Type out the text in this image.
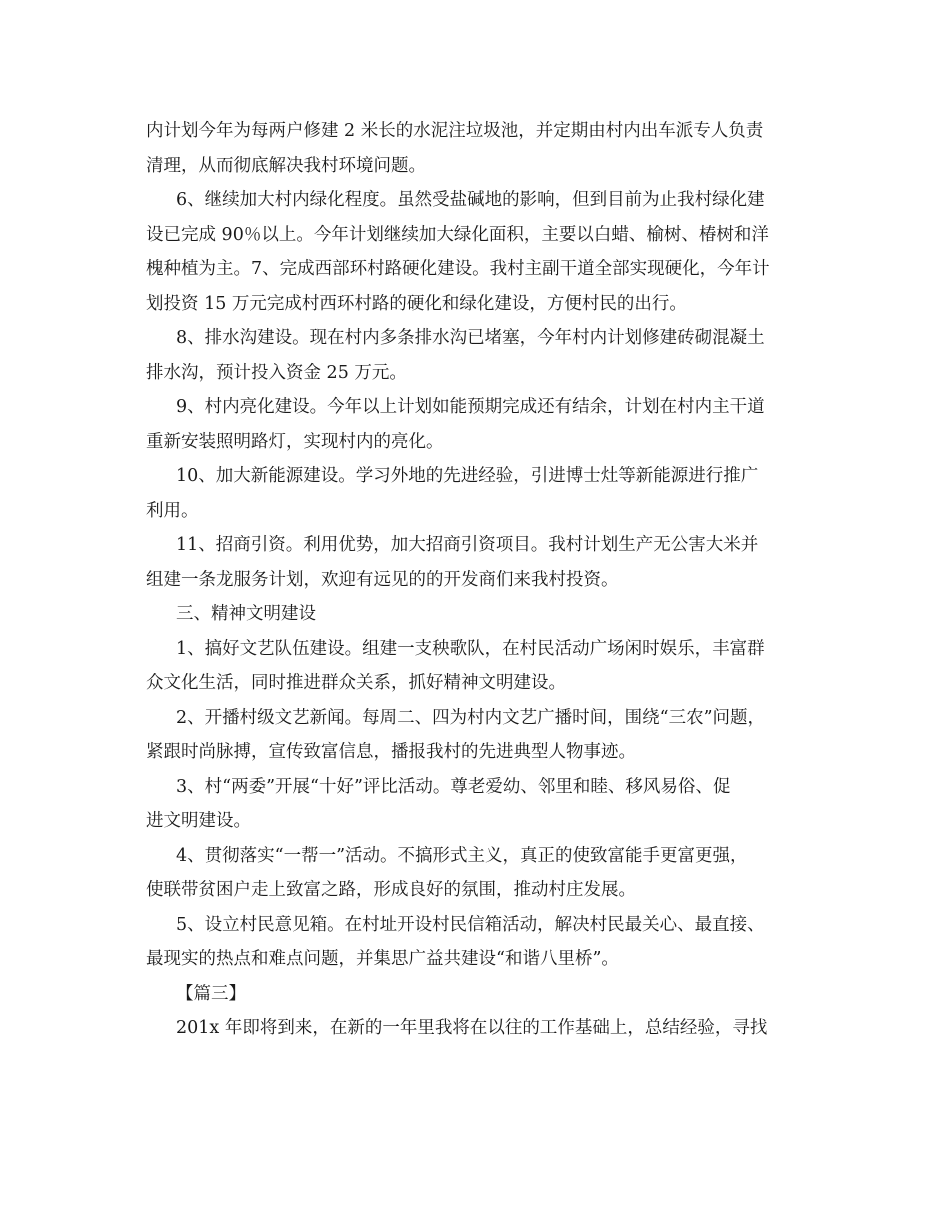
内计划今年为每两户修建 2 米长的水泥注垃圾池，并定期由村内出车派专人负责
清理，从而彻底解决我村环境问题。

6、继续加大村内绿化程度。虽然受盐碱地的影响，但到目前为止我村绿化建
设已完成 90％以上。今年计划继续加大绿化面积，主要以白蜡、榆树、椿树和洋
槐种植为主。7、完成西部环村路硬化建设。我村主副干道全部实现硬化，今年计
划投资 15 万元完成村西环村路的硬化和绿化建设，方便村民的出行。

8、排水沟建设。现在村内多条排水沟已堵塞，今年村内计划修建砖砌混凝土
排水沟，预计投入资金 25 万元。

9、村内亮化建设。今年以上计划如能预期完成还有结余，计划在村内主干道
重新安装照明路灯，实现村内的亮化。

10、加大新能源建设。学习外地的先进经验，引进博士灶等新能源进行推广
利用。

11、招商引资。利用优势，加大招商引资项目。我村计划生产无公害大米并
组建一条龙服务计划，欢迎有远见的的开发商们来我村投资。

三、精神文明建设

1、搞好文艺队伍建设。组建一支秧歌队，在村民活动广场闲时娱乐，丰富群
众文化生活，同时推进群众关系，抓好精神文明建设。

2、开播村级文艺新闻。每周二、四为村内文艺广播时间，围绕“三农”问题，
紧跟时尚脉搏，宣传致富信息，播报我村的先进典型人物事迹。

3、村“两委”开展“十好”评比活动。尊老爱幼、邻里和睦、移风易俗、促
进文明建设。

4、贯彻落实“一帮一”活动。不搞形式主义，真正的使致富能手更富更强，
使联带贫困户走上致富之路，形成良好的氛围，推动村庄发展。

5、设立村民意见箱。在村址开设村民信箱活动，解决村民最关心、最直接、
最现实的热点和难点问题，并集思广益共建设“和谐八里桥”。

【篇三】

201x 年即将到来，在新的一年里我将在以往的工作基础上，总结经验，寻找
